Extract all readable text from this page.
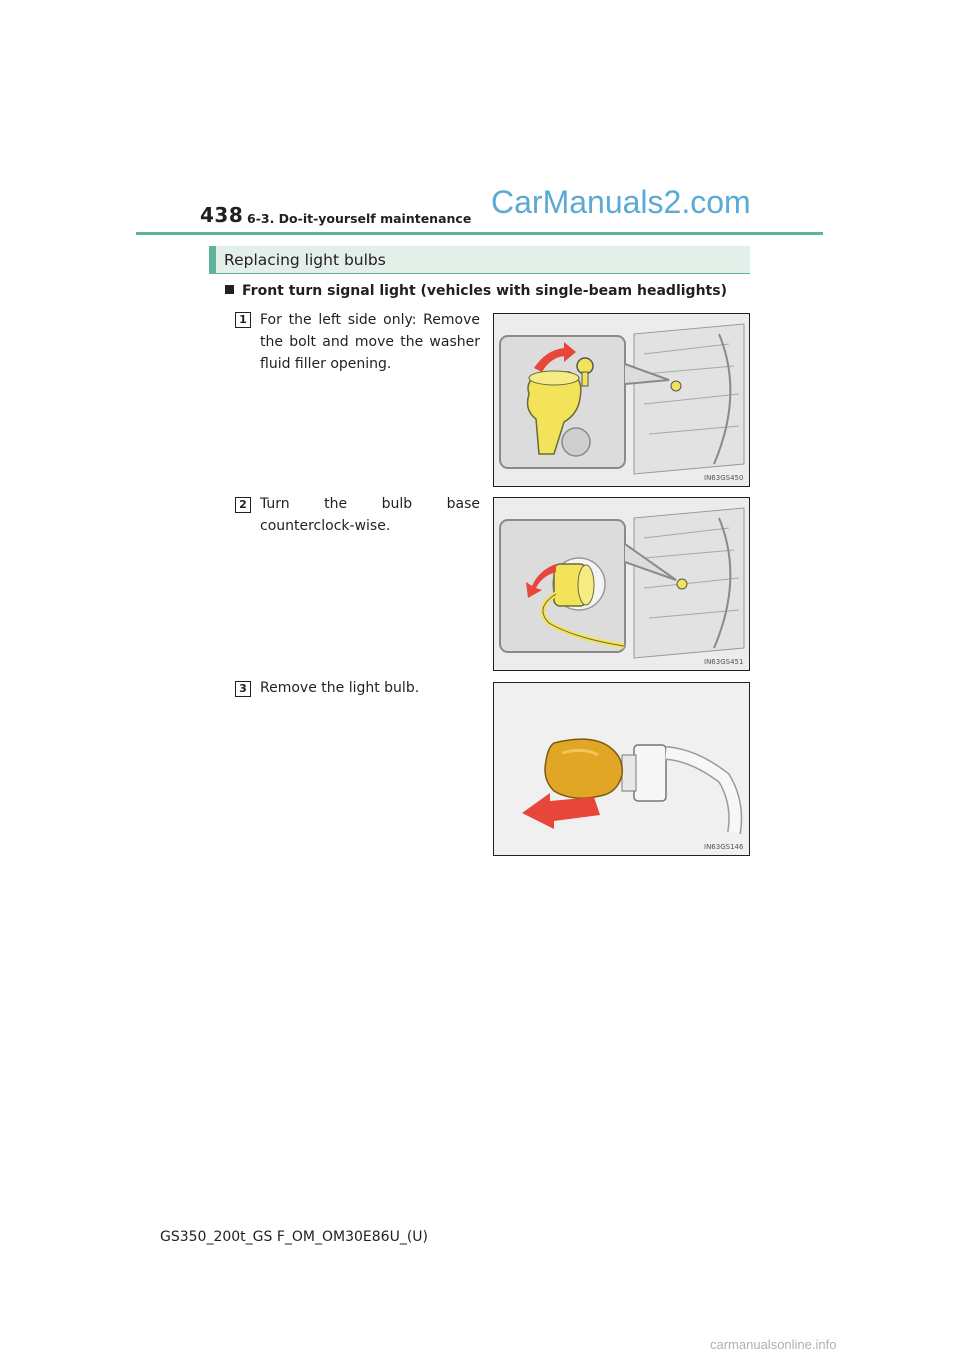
438 6-3. Do-it-yourself maintenance CarManuals2.com
Replacing light bulbs
Front turn signal light (vehicles with single-beam headlights)
1 For the left side only: Remove the bolt and move the washer fluid filler opening.
IN63GS450
2 Turn the bulb base counterclock-wise.
IN63GS451
3 Remove the light bulb.
IN63GS146
GS350_200t_GS F_OM_OM30E86U_(U)
carmanualsonline.info
